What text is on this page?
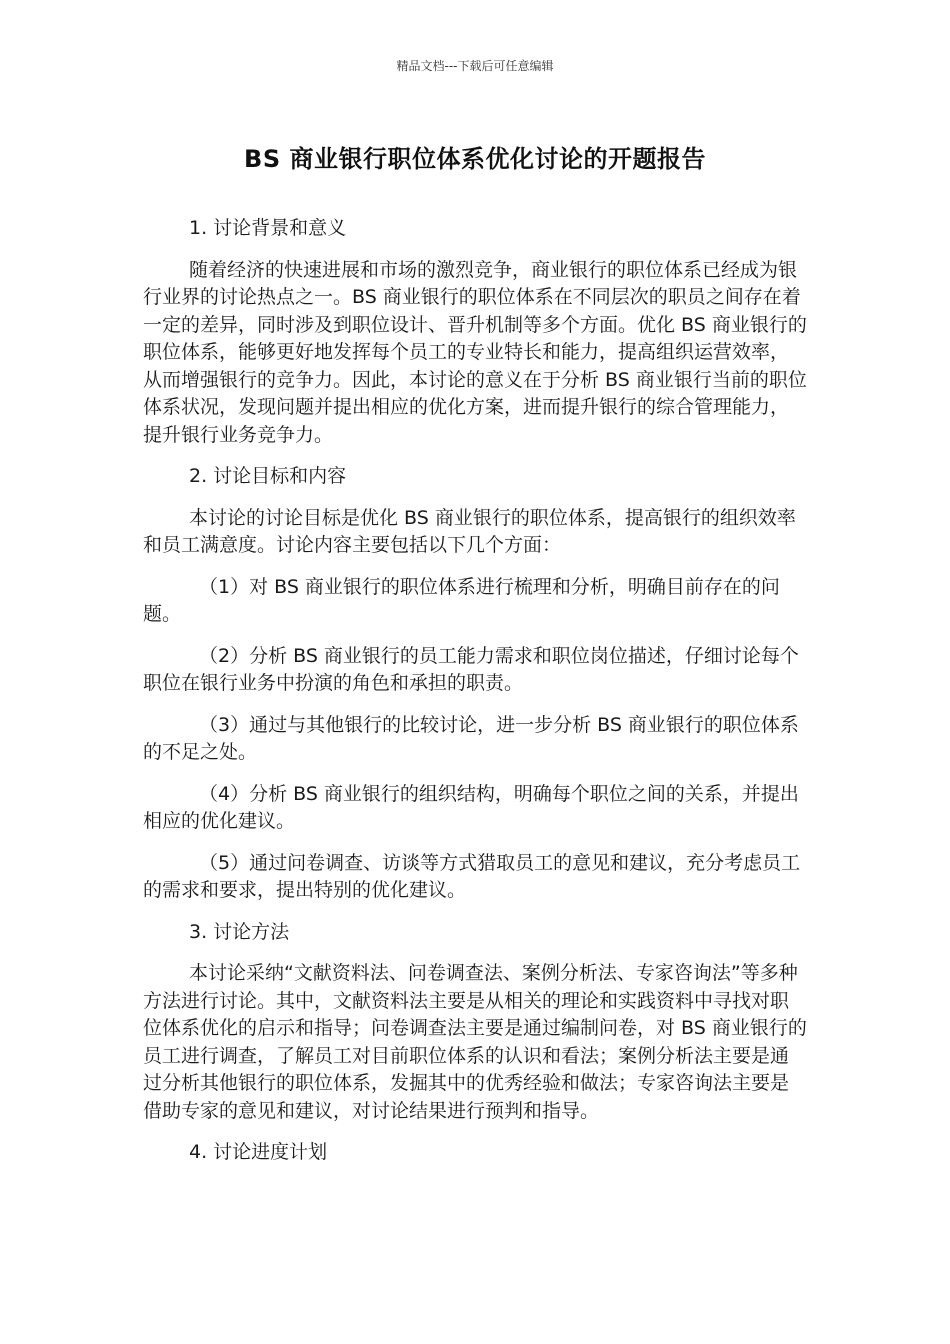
精品文档---下载后可任意编辑
BS 商业银行职位体系优化讨论的开题报告
1. 讨论背景和意义
随着经济的快速进展和市场的激烈竞争，商业银行的职位体系已经成为银行业界的讨论热点之一。BS 商业银行的职位体系在不同层次的职员之间存在着一定的差异，同时涉及到职位设计、晋升机制等多个方面。优化 BS 商业银行的职位体系，能够更好地发挥每个员工的专业特长和能力，提高组织运营效率，从而增强银行的竞争力。因此，本讨论的意义在于分析 BS 商业银行当前的职位体系状况，发现问题并提出相应的优化方案，进而提升银行的综合管理能力，提升银行业务竞争力。
2. 讨论目标和内容
本讨论的讨论目标是优化 BS 商业银行的职位体系，提高银行的组织效率和员工满意度。讨论内容主要包括以下几个方面：
（1）对 BS 商业银行的职位体系进行梳理和分析，明确目前存在的问题。
（2）分析 BS 商业银行的员工能力需求和职位岗位描述，仔细讨论每个职位在银行业务中扮演的角色和承担的职责。
（3）通过与其他银行的比较讨论，进一步分析 BS 商业银行的职位体系的不足之处。
（4）分析 BS 商业银行的组织结构，明确每个职位之间的关系，并提出相应的优化建议。
（5）通过问卷调查、访谈等方式猎取员工的意见和建议，充分考虑员工的需求和要求，提出特别的优化建议。
3. 讨论方法
本讨论采纳“文献资料法、问卷调查法、案例分析法、专家咨询法”等多种方法进行讨论。其中，文献资料法主要是从相关的理论和实践资料中寻找对职位体系优化的启示和指导；问卷调查法主要是通过编制问卷，对 BS 商业银行的员工进行调查，了解员工对目前职位体系的认识和看法；案例分析法主要是通过分析其他银行的职位体系，发掘其中的优秀经验和做法；专家咨询法主要是借助专家的意见和建议，对讨论结果进行预判和指导。
4. 讨论进度计划
